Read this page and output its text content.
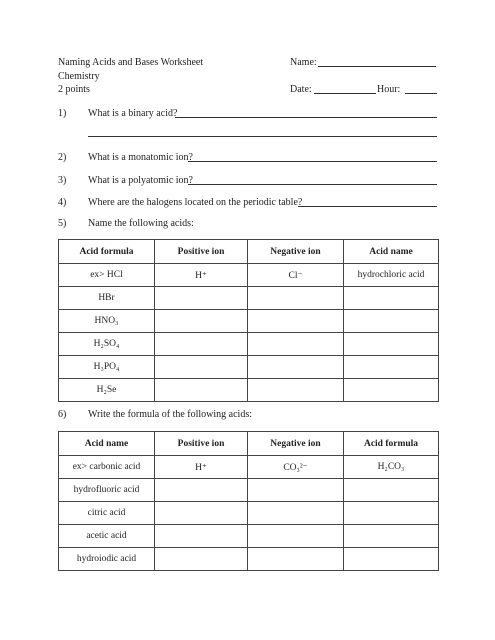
Naming Acids and Bases Worksheet
Chemistry
2 points
Name:
Date:	Hour:
1) What is a binary acid?
2) What is a monatomic ion?
3) What is a polyatomic ion?
4) Where are the halogens located on the periodic table?
5) Name the following acids:
Acid formula	Positive ion	Negative ion	Acid name
ex> HCl	H⁺	Cl⁻	hydrochloric acid
HBr			
HNO₃			
H₂SO₄			
H₃PO₄			
H₂Se			
6) Write the formula of the following acids:
Acid name	Positive ion	Negative ion	Acid formula
ex> carbonic acid	H⁺	CO₃²⁻	H₂CO₃
hydrofluoric acid			
citric acid			
acetic acid			
hydroiodic acid			
